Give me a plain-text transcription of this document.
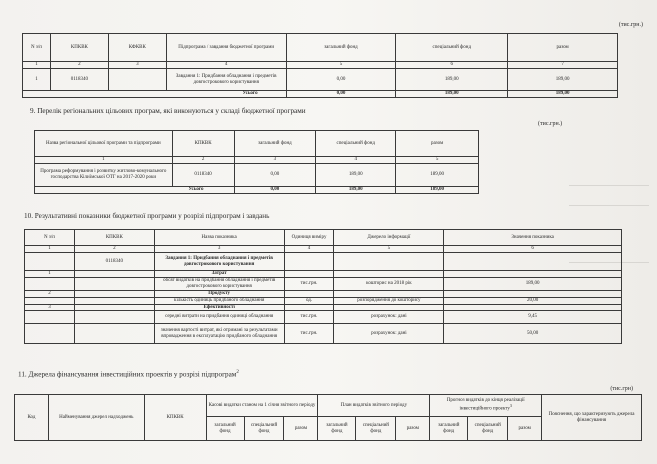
(тис.грн.)
N з/п	КПКВК	КФКВК	Підпрограма / завдання бюджетної програми	загальний фонд	спеціальний фонд	разом
1	2	3	4	5	6	7
1	0118340		Завдання 1: Придбання обладнання і предметів довгострокового користування	0,00	189,00	189,00
Усього				0,00	189,00	189,00
9. Перелік регіональних цільових програм, які виконуються у складі бюджетної програми
(тис.грн.)
Назва регіональної цільової програми та підпрограми	КПКВК	загальний фонд	спеціальний фонд	разом
1	2	3	4	5
Програма реформування і розвитку житлово-комунального господарства Кілиїмської ОТГ на 2017-2020 роки	0118340	0,00	189,00	189,00
Усього		0,00	189,00	189,00
10. Результативні показники бюджетної програми у розрізі підпрограм і завдань
N з/п	КПКВК	Назва показника	Одиниця виміру	Джерело інформації	Значення показника
1	2	3	4	5	6
	0118340	Завдання 1: Придбання обладнання і предметів довгострокового користування			
1		Затрат			
		обсяг видатків на придбання обладнання і предметів довгострокового користування	тис.грн.	кошторис на 2018 рік	189,00
2		Продукту			
		кількість одиниць придбаного обладнання	од.	розпорядження до кошторису	20,00
3		Ефективності			
		середні витрати на придбання одиниці обладнання	тис.грн.	розрахунок: дані	9,45
		значення вартості витрат, які отримані за результатами впровадження в експлуатацію придбаного обладнання	тис.грн.	розрахунок: дані	50,00
11. Джерела фінансування інвестиційних проектів у розрізі підпрограм$^2$
(тис.грн)
Код	Найменування джерел надходжень	КПКВК	Касові видатки станом на 1 січня звітного періоду			План видатків звітного періоду			Прогноз видатків до кінця реалізації інвестиційного проекту$^3$			Пояснення, що характеризують джерела фінансування
			загальний фонд	спеціальний фонд	разом	загальний фонд	спеціальний фонд	разом	загальний фонд	спеціальний фонд	разом	
